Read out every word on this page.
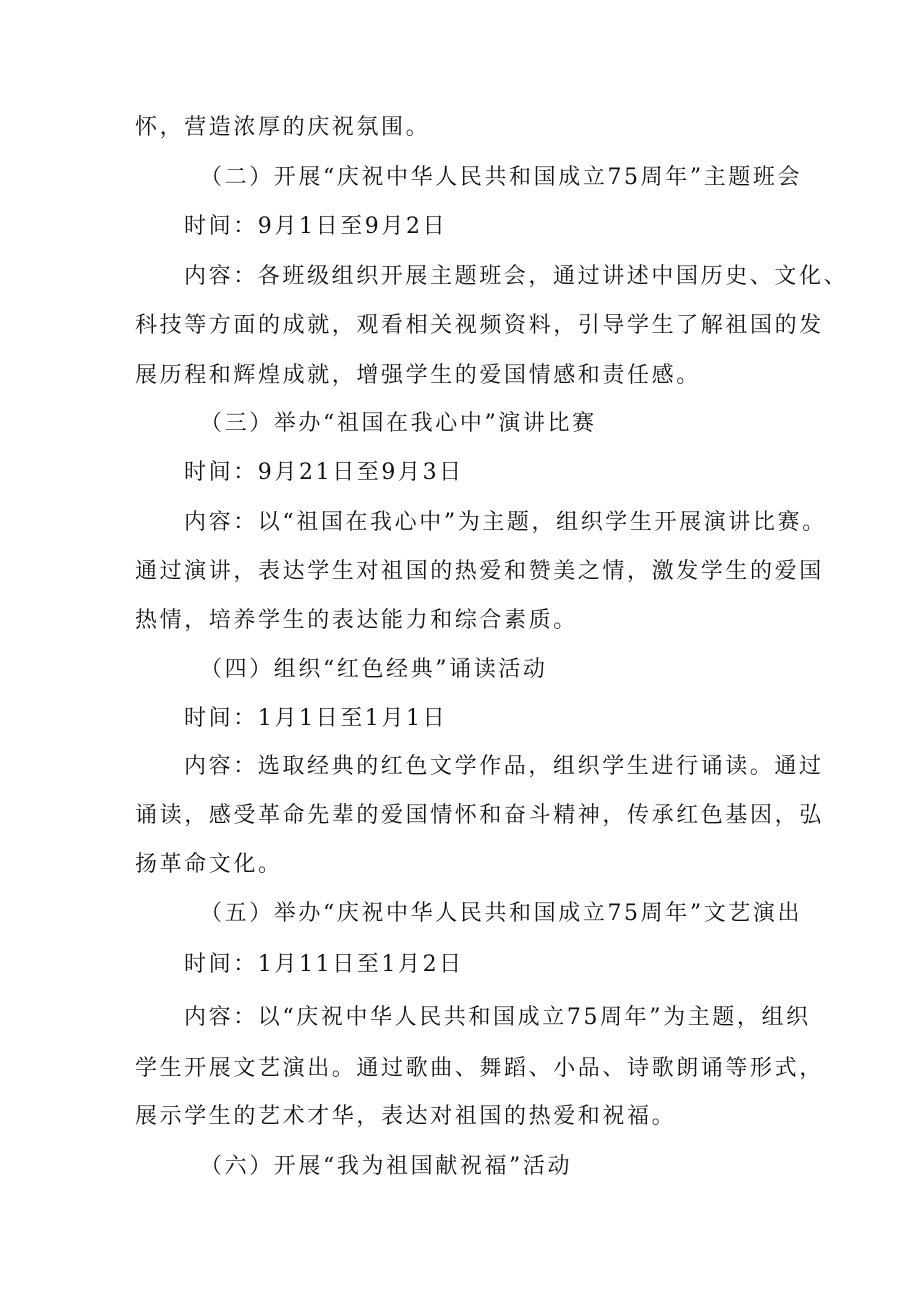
怀，营造浓厚的庆祝氛围。
（二）开展“庆祝中华人民共和国成立75周年”主题班会
时间：9月1日至9月2日
内容：各班级组织开展主题班会，通过讲述中国历史、文化、
科技等方面的成就，观看相关视频资料，引导学生了解祖国的发
展历程和辉煌成就，增强学生的爱国情感和责任感。
（三）举办“祖国在我心中”演讲比赛
时间：9月21日至9月3日
内容：以“祖国在我心中”为主题，组织学生开展演讲比赛。
通过演讲，表达学生对祖国的热爱和赞美之情，激发学生的爱国
热情，培养学生的表达能力和综合素质。
（四）组织“红色经典”诵读活动
时间：1月1日至1月1日
内容：选取经典的红色文学作品，组织学生进行诵读。通过
诵读，感受革命先辈的爱国情怀和奋斗精神，传承红色基因，弘
扬革命文化。
（五）举办“庆祝中华人民共和国成立75周年”文艺演出
时间：1月11日至1月2日
内容：以“庆祝中华人民共和国成立75周年”为主题，组织
学生开展文艺演出。通过歌曲、舞蹈、小品、诗歌朗诵等形式，
展示学生的艺术才华，表达对祖国的热爱和祝福。
（六）开展“我为祖国献祝福”活动
